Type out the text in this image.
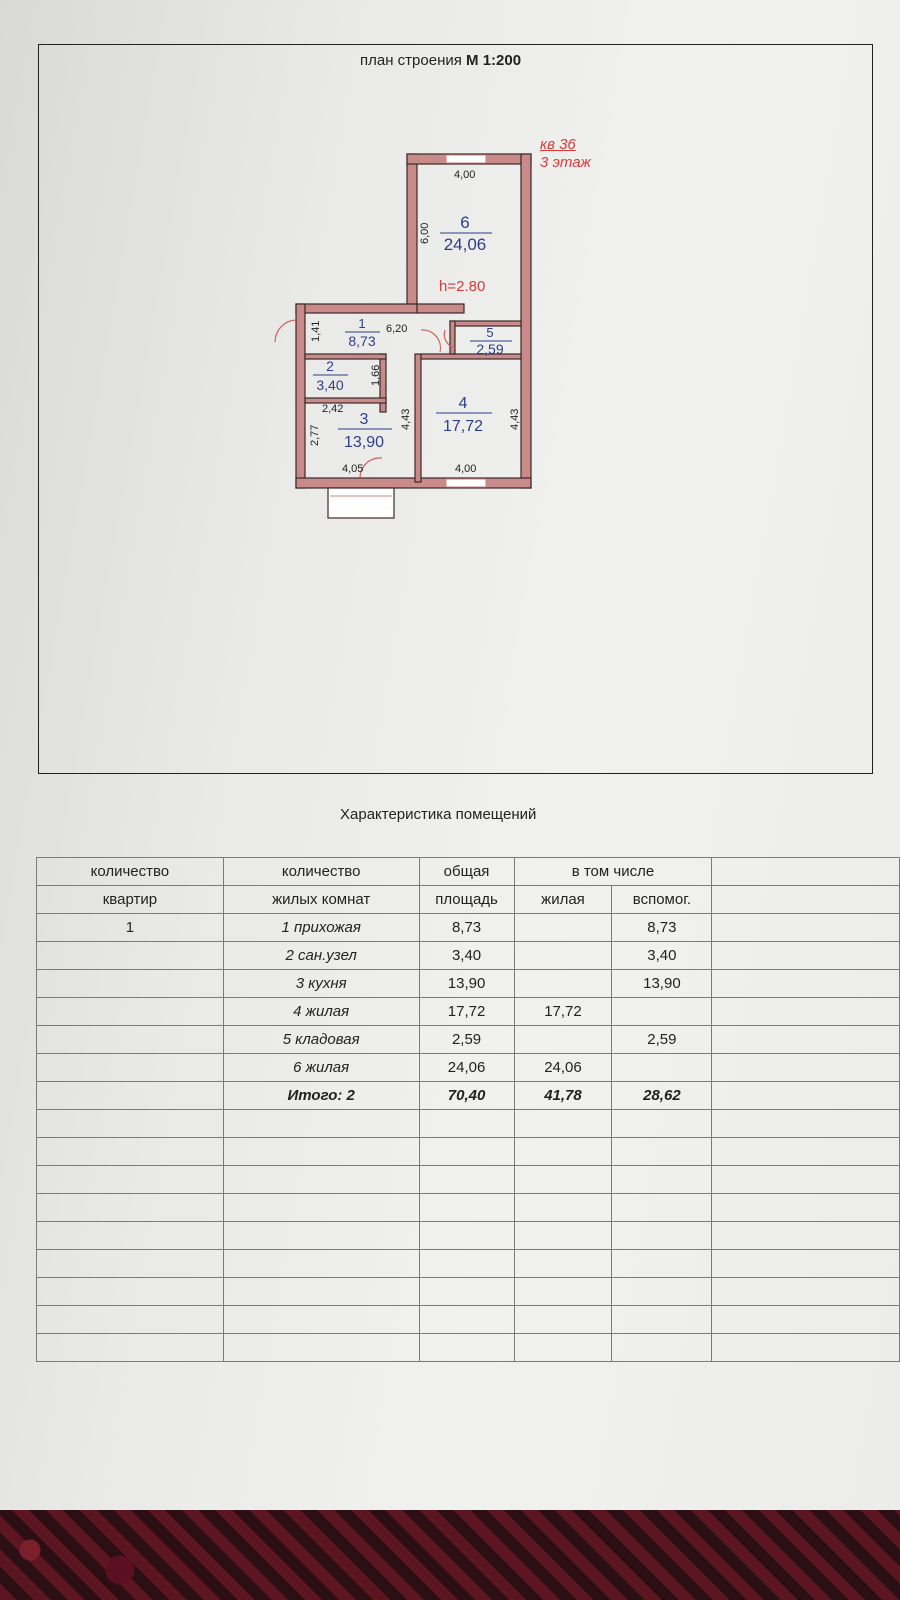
план строения М 1:200
кв 36
3 этаж
6
24,06
1
8,73
2
3,40
3
13,90
4
17,72
5
2,59
h=2.80
4,00
6,00
6,20
1,41
1,66
2,42
2,77
4,43	4,43
4,05	4,00
Характеристика помещений
количество	количество	общая	в том числе		
квартир	жилых комнат	площадь	жилая	вспомог.	
1	1 прихожая	8,73		8,73	
	2 сан.узел	3,40		3,40	
	3 кухня	13,90		13,90	
	4 жилая	17,72	17,72		
	5 кладовая	2,59		2,59	
	6 жилая	24,06	24,06		
	Итого: 2	70,40	41,78	28,62	
